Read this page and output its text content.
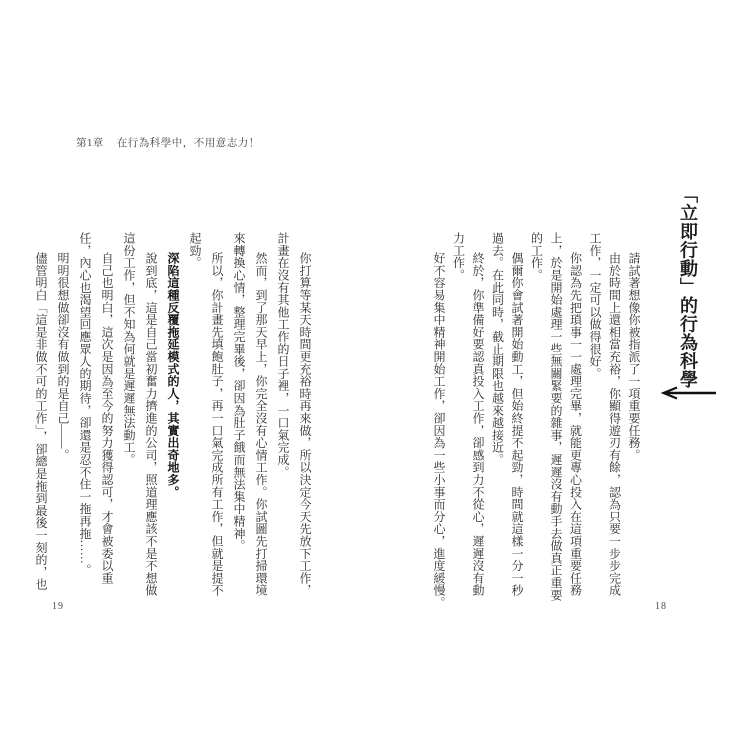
第1章 在行為科學中，不用意志力！
「立即行動」的行為科學
請試著想像你被指派了一項重要任務。
由於時間上還相當充裕，你顯得遊刃有餘，認為只要一步步完成
工作，一定可以做得很好。
你認為先把瑣事一一處理完畢，就能更專心投入在這項重要任務
上，於是開始處理一些無關緊要的雜事，遲遲沒有動手去做真正重要
的工作。
偶爾你會試著開始動工，但始終提不起勁，時間就這樣一分一秒
過去。在此同時，截止期限也越來越接近。
終於，你準備好要認真投入工作，卻感到力不從心，遲遲沒有動
力工作。
好不容易集中精神開始工作，卻因為一些小事而分心，進度緩慢。
你打算等某天時間更充裕時再來做，所以決定今天先放下工作，
計畫在沒有其他工作的日子裡，一口氣完成。
然而，到了那天早上，你完全沒有心情工作。你試圖先打掃環境
來轉換心情，整理完畢後，卻因為肚子餓而無法集中精神。
所以，你計畫先填飽肚子，再一口氣完成所有工作，但就是提不
起勁。
深陷這種反覆拖延模式的人，其實出奇地多。
說到底，這是自己當初奮力擠進的公司，照道理應該不是不想做
這份工作，但不知為何就是遲遲無法動工。
自己也明白，這次是因為至今的努力獲得認可，才會被委以重
任，內心也渴望回應眾人的期待，卻還是忍不住一拖再拖……。
明明很想做卻沒有做到的是自己——。
儘管明白「這是非做不可的工作」，卻總是拖到最後一刻的，也
19	18
